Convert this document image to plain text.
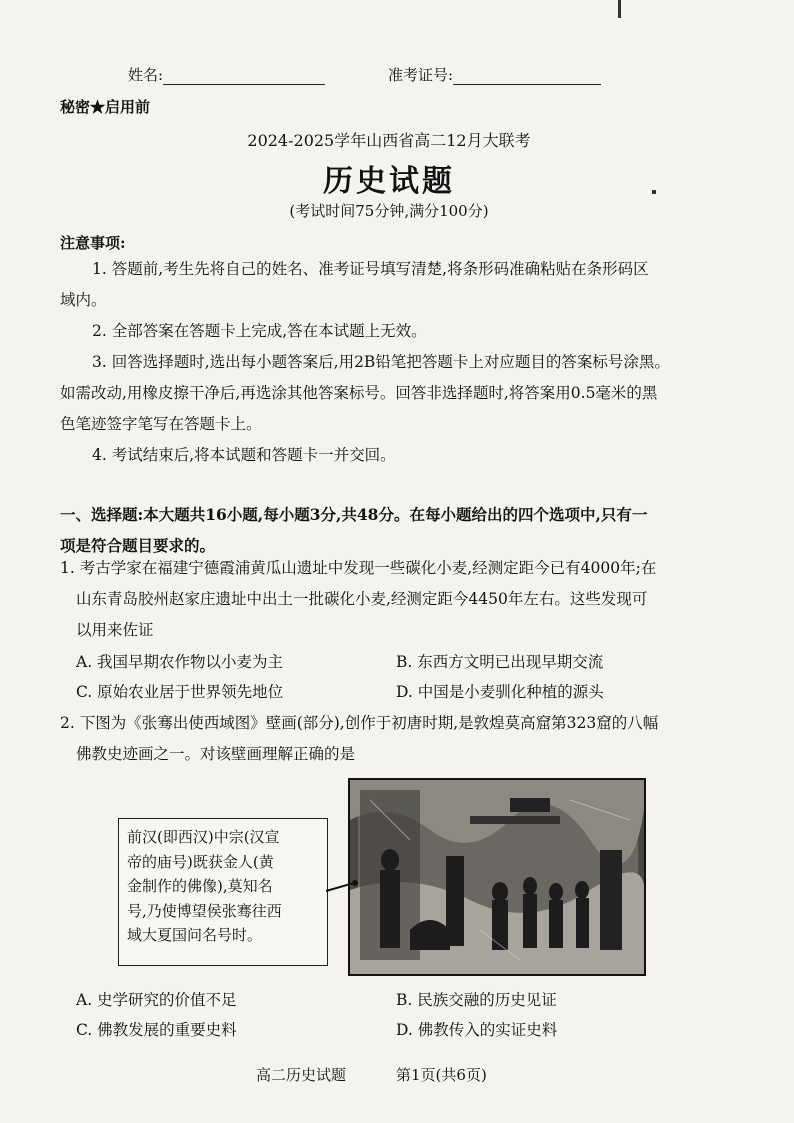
姓名:	准考证号:
秘密★启用前
2024-2025学年山西省高二12月大联考
历史试题
(考试时间75分钟,满分100分)
注意事项:
1. 答题前,考生先将自己的姓名、准考证号填写清楚,将条形码准确粘贴在条形码区
域内。
2. 全部答案在答题卡上完成,答在本试题上无效。
3. 回答选择题时,选出每小题答案后,用2B铅笔把答题卡上对应题目的答案标号涂黑。
如需改动,用橡皮擦干净后,再选涂其他答案标号。回答非选择题时,将答案用0.5毫米的黑
色笔迹签字笔写在答题卡上。
4. 考试结束后,将本试题和答题卡一并交回。
一、选择题:本大题共16小题,每小题3分,共48分。在每小题给出的四个选项中,只有一
项是符合题目要求的。
1. 考古学家在福建宁德霞浦黄瓜山遗址中发现一些碳化小麦,经测定距今已有4000年;在
山东青岛胶州赵家庄遗址中出土一批碳化小麦,经测定距今4450年左右。这些发现可
以用来佐证
A. 我国早期农作物以小麦为主	B. 东西方文明已出现早期交流
C. 原始农业居于世界领先地位	D. 中国是小麦驯化种植的源头
2. 下图为《张骞出使西域图》壁画(部分),创作于初唐时期,是敦煌莫高窟第323窟的八幅
佛教史迹画之一。对该壁画理解正确的是
前汉(即西汉)中宗(汉宣
帝的庙号)既获金人(黄
金制作的佛像),莫知名
号,乃使博望侯张骞往西
域大夏国问名号时。
A. 史学研究的价值不足	B. 民族交融的历史见证
C. 佛教发展的重要史料	D. 佛教传入的实证史料
高二历史试题	第1页(共6页)
